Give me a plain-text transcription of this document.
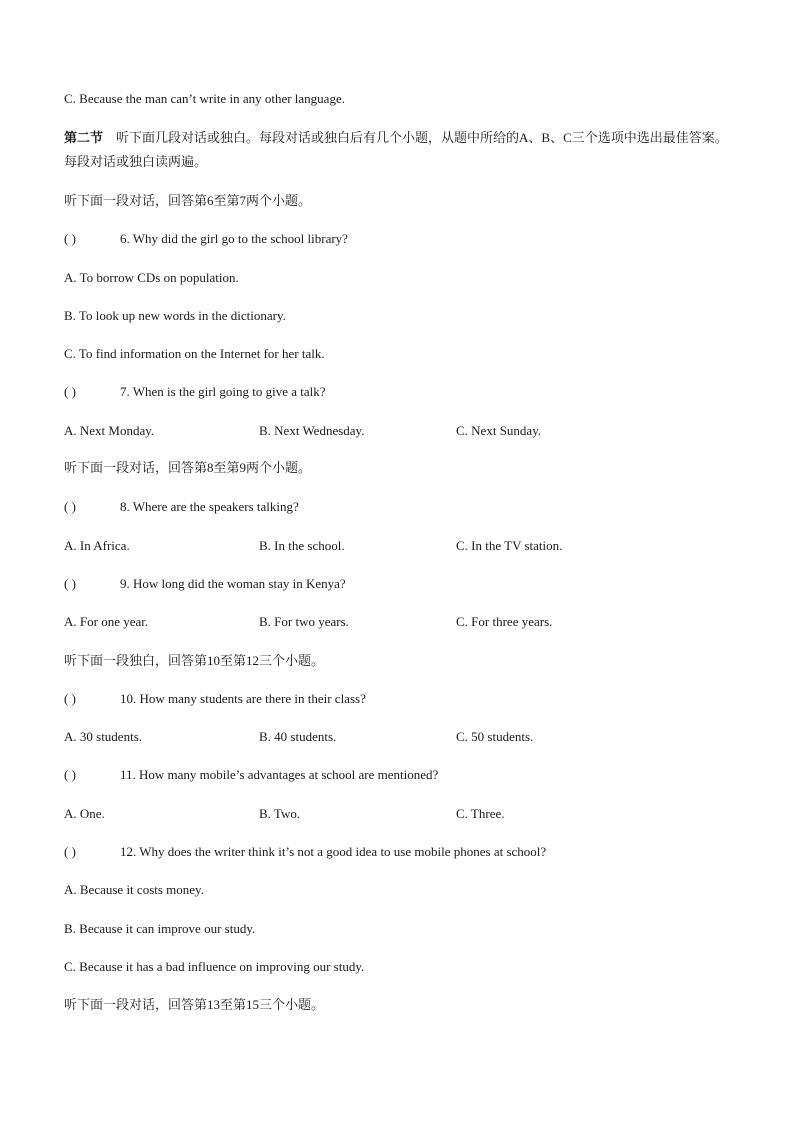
C. Because the man can’t write in any other language.
第二节 听下面几段对话或独白。每段对话或独白后有几个小题，从题中所给的A、B、C三个选项中选出最佳答案。每段对话或独白读两遍。
听下面一段对话，回答第6至第7两个小题。
( )	6. Why did the girl go to the school library?
A. To borrow CDs on population.
B. To look up new words in the dictionary.
C. To find information on the Internet for her talk.
( )	7. When is the girl going to give a talk?
A. Next Monday.	B. Next Wednesday.	C. Next Sunday.
听下面一段对话，回答第8至第9两个小题。
( )	8. Where are the speakers talking?
A. In Africa.	B. In the school.	C. In the TV station.
( )	9. How long did the woman stay in Kenya?
A. For one year.	B. For two years.	C. For three years.
听下面一段独白，回答第10至第12三个小题。
( )	10. How many students are there in their class?
A. 30 students.	B. 40 students.	C. 50 students.
( )	11. How many mobile’s advantages at school are mentioned?
A. One.	B. Two.	C. Three.
( )	12. Why does the writer think it’s not a good idea to use mobile phones at school?
A. Because it costs money.
B. Because it can improve our study.
C. Because it has a bad influence on improving our study.
听下面一段对话，回答第13至第15三个小题。
